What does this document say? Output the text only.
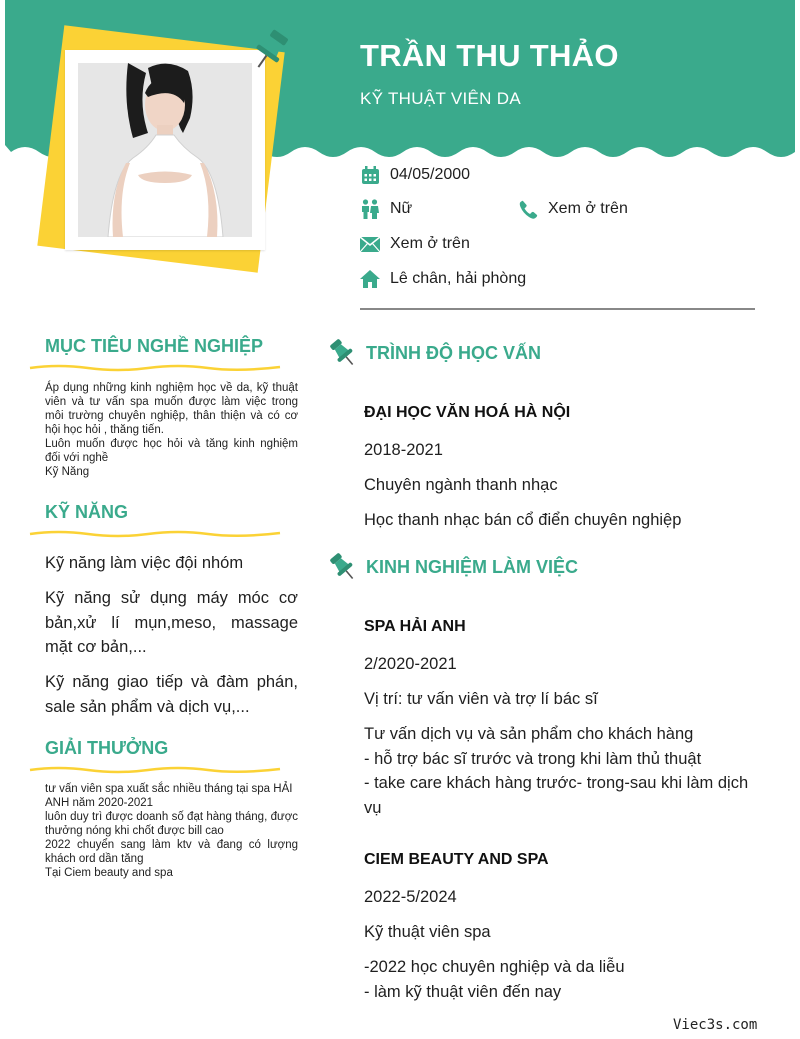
TRẦN THU THẢO
KỸ THUẬT VIÊN DA
04/05/2000
Nữ	Xem ở trên
Xem ở trên
Lê chân, hải phòng
MỤC TIÊU NGHỀ NGHIỆP
Áp dụng những kinh nghiệm học về da, kỹ thuật viên và tư vấn spa muốn được làm việc trong môi trường chuyên nghiệp, thân thiện và có cơ hội học hỏi , thăng tiến.
Luôn muốn được học hỏi và tăng kinh nghiệm đối với nghề
Kỹ Năng
KỸ NĂNG
Kỹ năng làm việc đội nhóm
Kỹ năng sử dụng máy móc cơ bản,xử lí mụn,meso, massage mặt cơ bản,...
Kỹ năng giao tiếp và đàm phán, sale sản phẩm và dịch vụ,...
GIẢI THƯỞNG
tư vấn viên spa xuất sắc nhiều tháng tại spa HẢI
ANH năm 2020-2021
luôn duy trì được doanh số đạt hàng tháng, được thưởng nóng khi chốt được bill cao
2022 chuyển sang làm ktv và đang có lượng khách ord dần tăng
Tại Ciem beauty and spa
TRÌNH ĐỘ HỌC VẤN
ĐẠI HỌC VĂN HOÁ HÀ NỘI
2018-2021
Chuyên ngành thanh nhạc
Học thanh nhạc bán cổ điển chuyên nghiệp
KINH NGHIỆM LÀM VIỆC
SPA HẢI ANH
2/2020-2021
Vị trí: tư vấn viên và trợ lí bác sĩ
Tư vấn dịch vụ và sản phẩm cho khách hàng
- hỗ trợ bác sĩ trước và trong khi làm thủ thuật
- take care khách hàng trước- trong-sau khi làm dịch vụ
CIEM BEAUTY AND SPA
2022-5/2024
Kỹ thuật viên spa
-2022 học chuyên nghiệp và da liễu
- làm kỹ thuật viên đến nay
Viec3s.com
